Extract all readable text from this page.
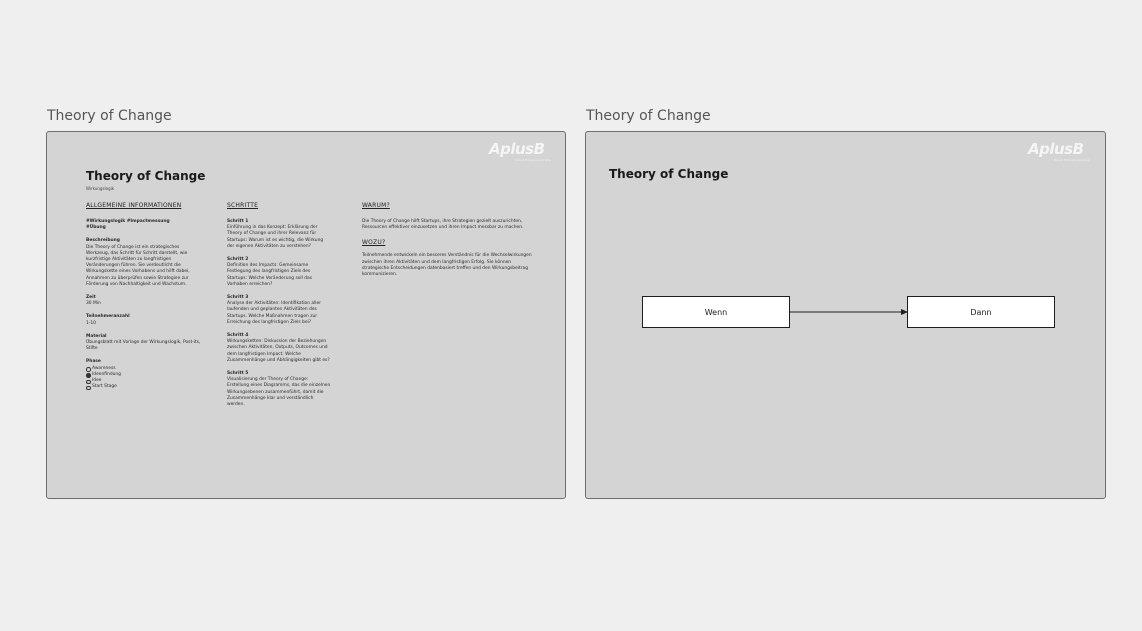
Theory of Change
AplusB
Social Entrepreneurship
Theory of Change
Wirkungslogik
ALLGEMEINE INFORMATIONEN
#Wirkungslogik #Impactmessung
#Übung
Beschreibung
Die Theory of Change ist ein strategisches Werkzeug, das Schritt für Schritt darstellt, wie kurzfristige Aktivitäten zu langfristigen Veränderungen führen. Sie verdeutlicht die Wirkungskette eines Vorhabens und hilft dabei, Annahmen zu überprüfen sowie Strategien zur Förderung von Nachhaltigkeit und Wachstum.
Zeit
30 Min
Teilnehmeranzahl
1-10
Material
Übungsblatt mit Vorlage der Wirkungslogik, Post-its, Stifte
Phase
Awareness
Ideenfindung
Idee
Start Stage
SCHRITTE
Schritt 1
Einführung in das Konzept: Erklärung der Theory of Change und ihrer Relevanz für Startups: Warum ist es wichtig, die Wirkung der eigenen Aktivitäten zu verstehen?
Schritt 2
Definition des Impacts: Gemeinsame Festlegung des langfristigen Ziels des Startups: Welche Veränderung soll das Vorhaben erreichen?
Schritt 3
Analyse der Aktivitäten: Identifikation aller laufenden und geplanten Aktivitäten des Startups. Welche Maßnahmen tragen zur Erreichung des langfristigen Ziels bei?
Schritt 4
Wirkungsketten: Diskussion der Beziehungen zwischen Aktivitäten, Outputs, Outcomes und dem langfristigen Impact. Welche Zusammenhänge und Abhängigkeiten gibt es?
Schritt 5
Visualisierung der Theory of Change: Erstellung eines Diagramms, das die einzelnen Wirkungsebenen zusammenführt, damit die Zusammenhänge klar und verständlich werden.
WARUM?
Die Theory of Change hilft Startups, ihre Strategien gezielt auszurichten, Ressourcen effektiver einzusetzen und ihren Impact messbar zu machen.
WOZU?
Teilnehmende entwickeln ein besseres Verständnis für die Wechselwirkungen zwischen ihren Aktivitäten und dem langfristigen Erfolg. Sie können strategische Entscheidungen datenbasiert treffen und den Wirkungsbeitrag kommunizieren.
Theory of Change
AplusB
Social Entrepreneurship
Theory of Change
Wenn	Dann
